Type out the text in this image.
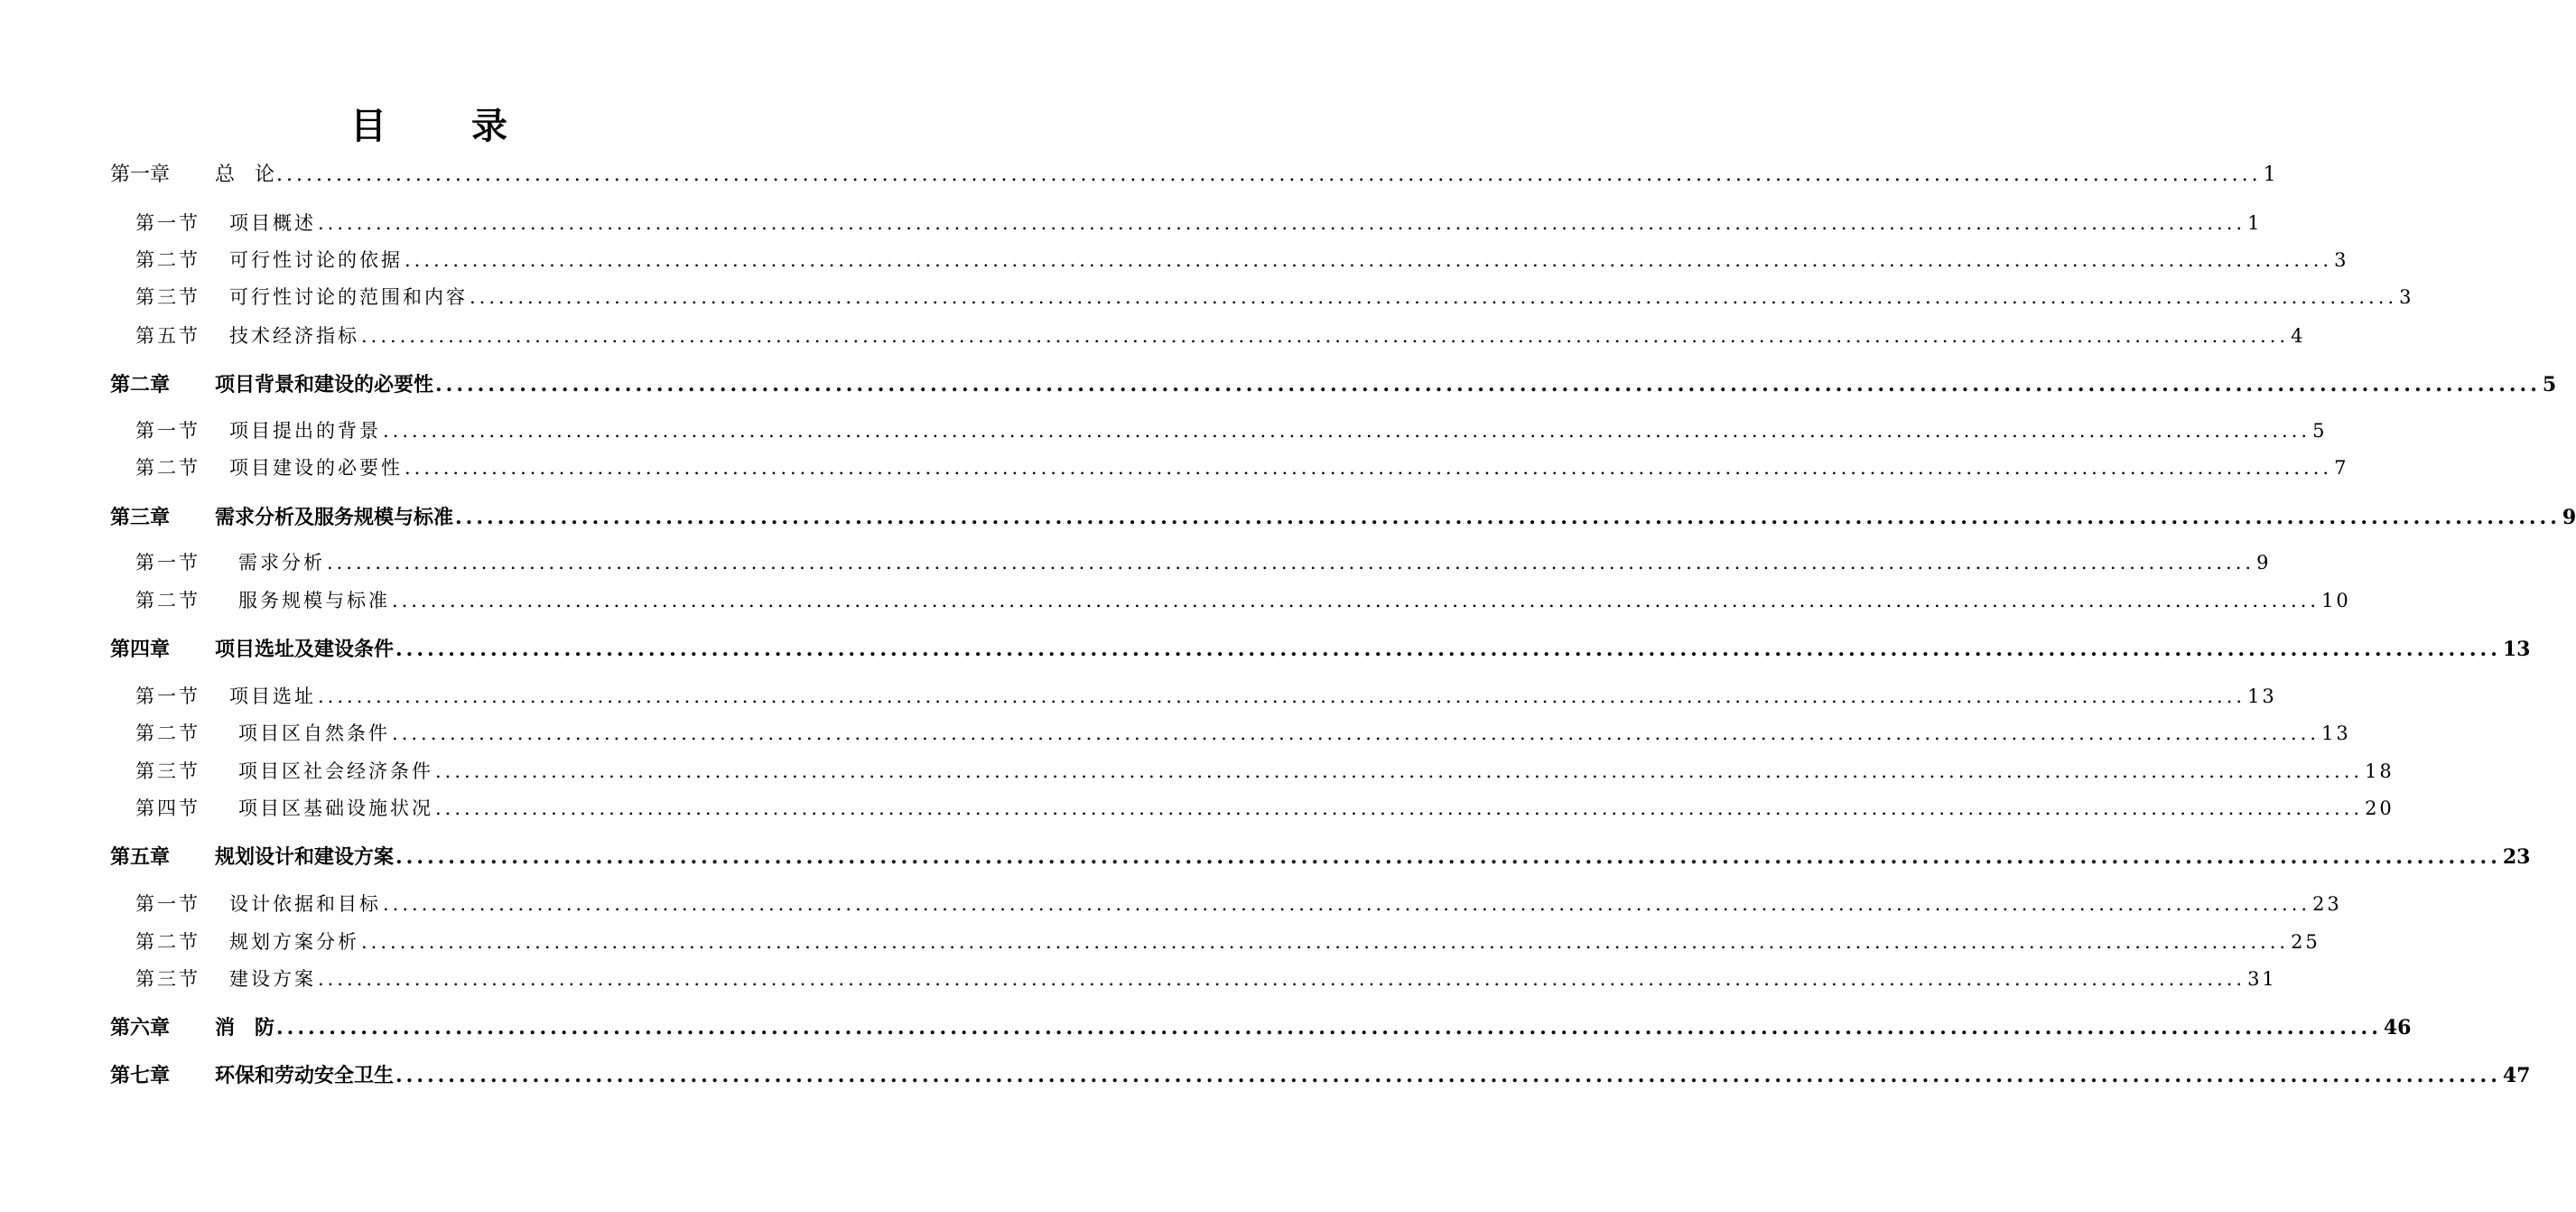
目 录
第一章 总　论 ........................................................................................................................................................................................................ 1
第一节 项目概述 ........................................................................................................................................................................................................ 1
第二节 可行性讨论的依据 ........................................................................................................................................................................................................ 3
第三节 可行性讨论的范围和内容 ........................................................................................................................................................................................................ 3
第五节 技术经济指标 ........................................................................................................................................................................................................ 4
第二章 项目背景和建设的必要性 ........................................................................................................................................................................................................ 5
第一节 项目提出的背景 ........................................................................................................................................................................................................ 5
第二节 项目建设的必要性 ........................................................................................................................................................................................................ 7
第三章 需求分析及服务规模与标准 ........................................................................................................................................................................................................ 9
第一节 需求分析 ........................................................................................................................................................................................................ 9
第二节 服务规模与标准 ........................................................................................................................................................................................................ 10
第四章 项目选址及建设条件 ........................................................................................................................................................................................................ 13
第一节 项目选址 ........................................................................................................................................................................................................ 13
第二节 项目区自然条件 ........................................................................................................................................................................................................ 13
第三节 项目区社会经济条件 ........................................................................................................................................................................................................ 18
第四节 项目区基础设施状况 ........................................................................................................................................................................................................ 20
第五章 规划设计和建设方案 ........................................................................................................................................................................................................ 23
第一节 设计依据和目标 ........................................................................................................................................................................................................ 23
第二节 规划方案分析 ........................................................................................................................................................................................................ 25
第三节 建设方案 ........................................................................................................................................................................................................ 31
第六章 消　防 ........................................................................................................................................................................................................ 46
第七章 环保和劳动安全卫生 ........................................................................................................................................................................................................ 47
